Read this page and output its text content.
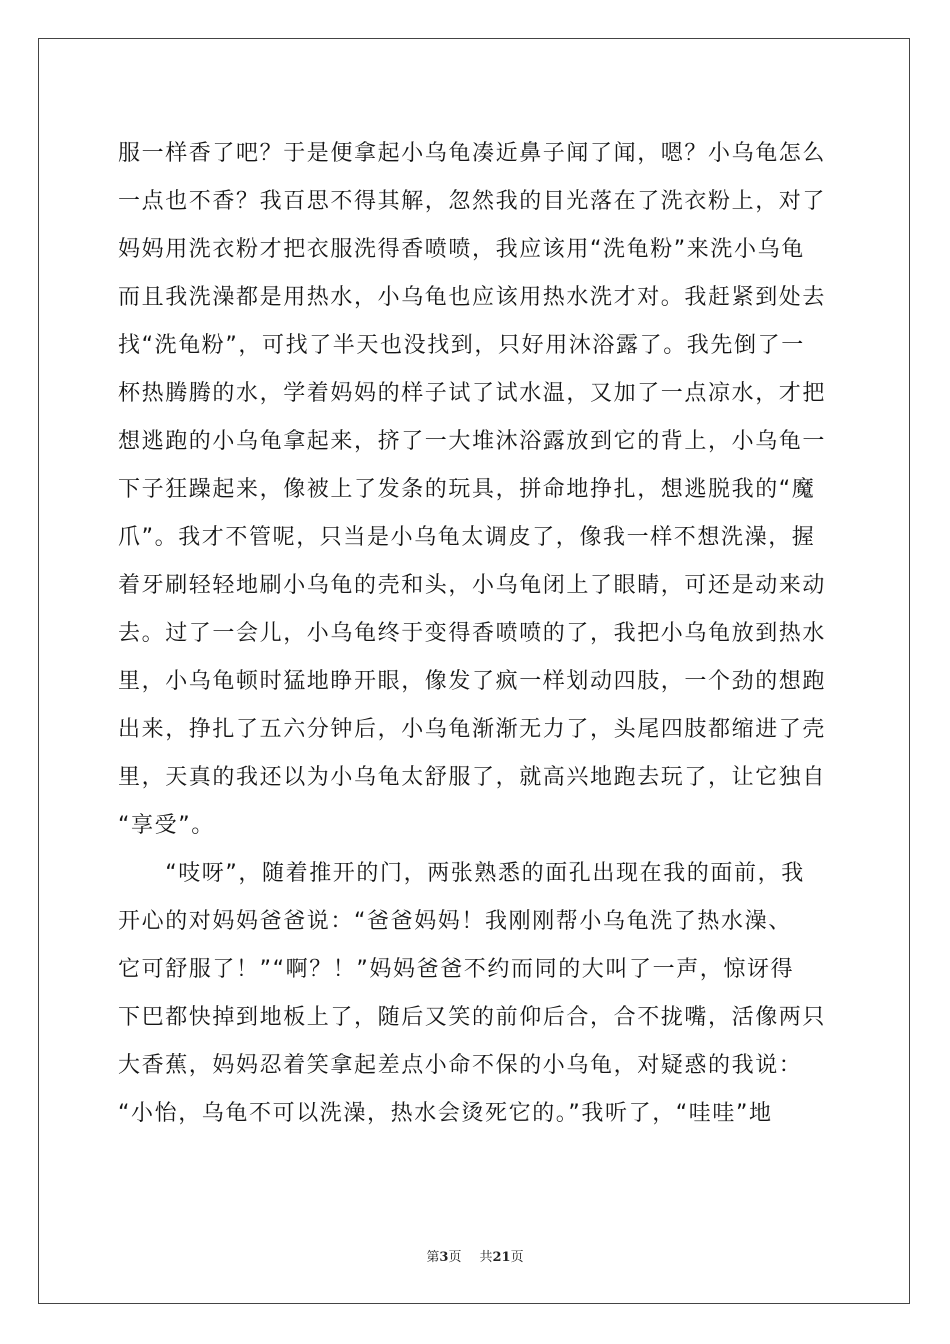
服一样香了吧？于是便拿起小乌龟凑近鼻子闻了闻，嗯？小乌龟怎么
一点也不香？我百思不得其解，忽然我的目光落在了洗衣粉上，对了
妈妈用洗衣粉才把衣服洗得香喷喷，我应该用“洗龟粉”来洗小乌龟
而且我洗澡都是用热水，小乌龟也应该用热水洗才对。我赶紧到处去
找“洗龟粉”，可找了半天也没找到，只好用沐浴露了。我先倒了一
杯热腾腾的水，学着妈妈的样子试了试水温，又加了一点凉水，才把
想逃跑的小乌龟拿起来，挤了一大堆沐浴露放到它的背上，小乌龟一
下子狂躁起来，像被上了发条的玩具，拼命地挣扎，想逃脱我的“魔
爪”。我才不管呢，只当是小乌龟太调皮了，像我一样不想洗澡，握
着牙刷轻轻地刷小乌龟的壳和头，小乌龟闭上了眼睛，可还是动来动
去。过了一会儿，小乌龟终于变得香喷喷的了，我把小乌龟放到热水
里，小乌龟顿时猛地睁开眼，像发了疯一样划动四肢，一个劲的想跑
出来，挣扎了五六分钟后，小乌龟渐渐无力了，头尾四肢都缩进了壳
里，天真的我还以为小乌龟太舒服了，就高兴地跑去玩了，让它独自
“享受”。
　　“吱呀”，随着推开的门，两张熟悉的面孔出现在我的面前，我
开心的对妈妈爸爸说：“爸爸妈妈！我刚刚帮小乌龟洗了热水澡、
它可舒服了！”“啊？！”妈妈爸爸不约而同的大叫了一声，惊讶得
下巴都快掉到地板上了，随后又笑的前仰后合，合不拢嘴，活像两只
大香蕉，妈妈忍着笑拿起差点小命不保的小乌龟，对疑惑的我说：
“小怡，乌龟不可以洗澡，热水会烫死它的。”我听了，“哇哇”地
第3页 共21页
